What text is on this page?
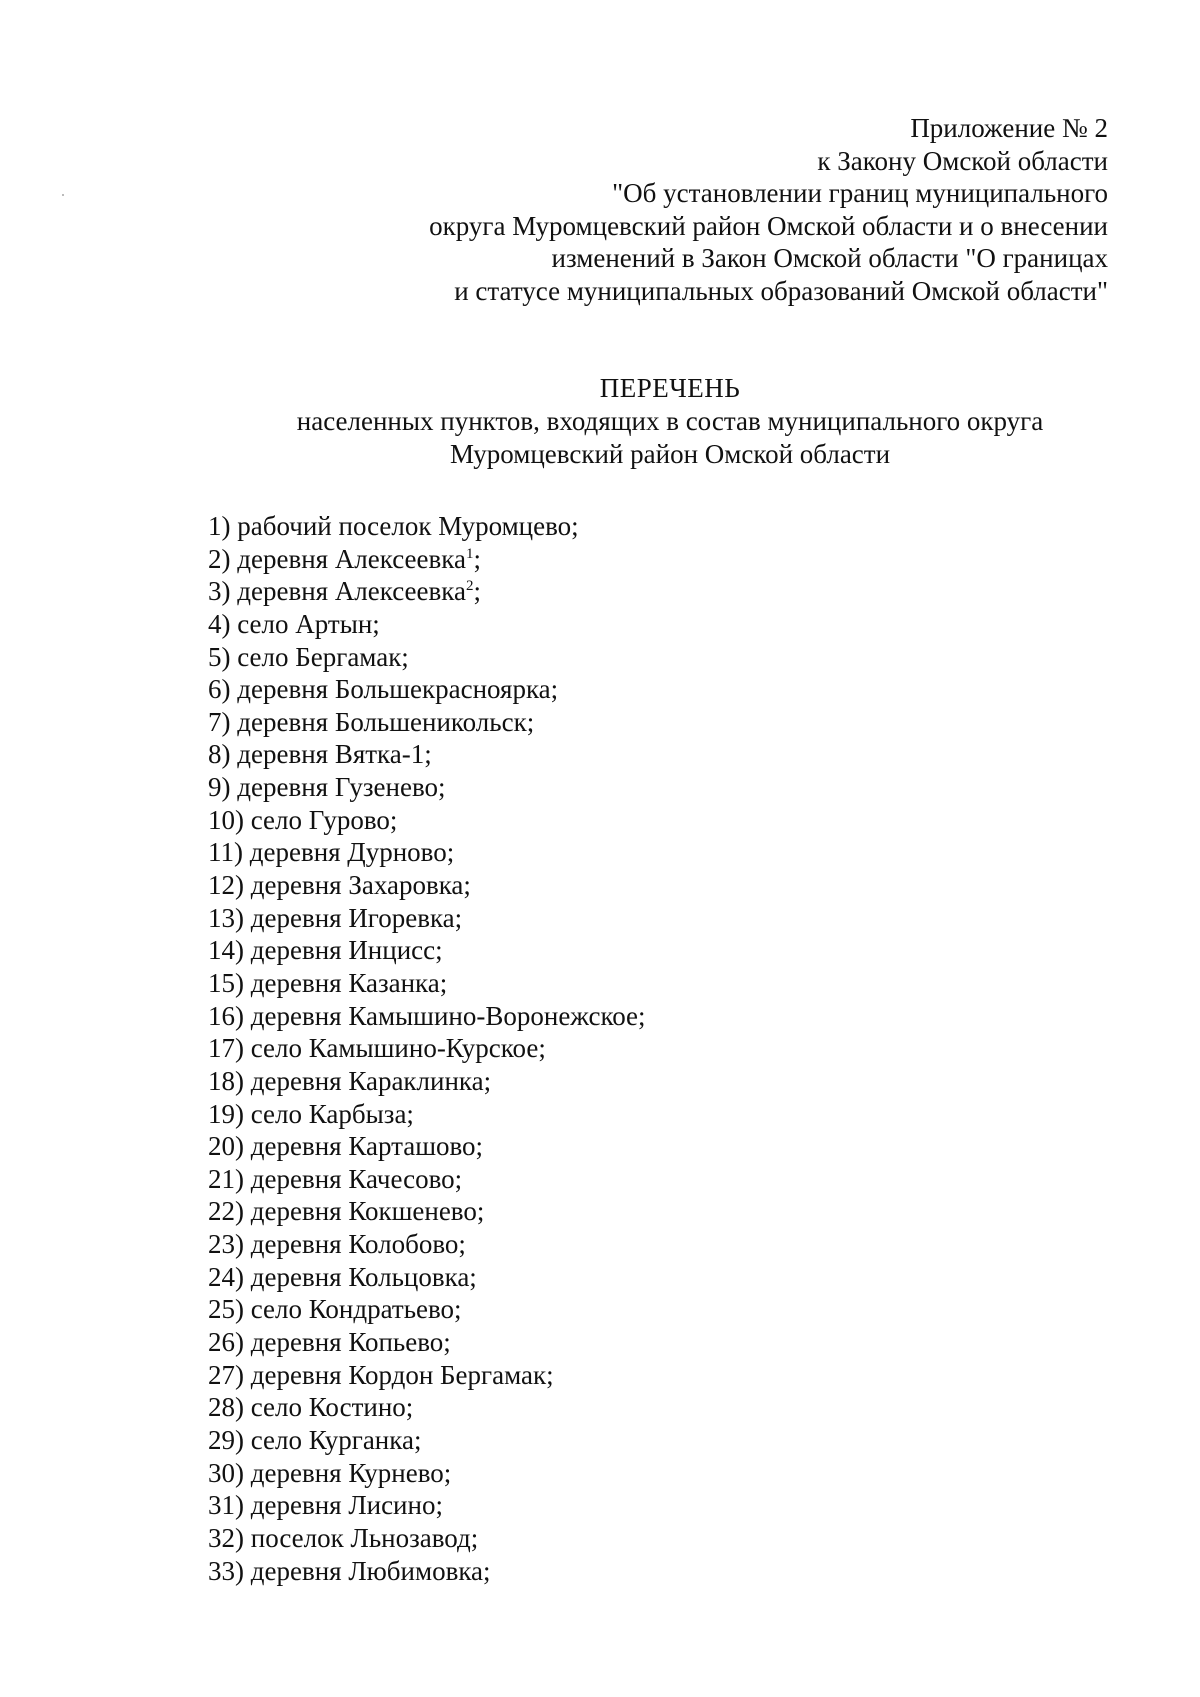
Приложение № 2
к Закону Омской области
"Об установлении границ муниципального
округа Муромцевский район Омской области и о внесении
изменений в Закон Омской области "О границах
и статусе муниципальных образований Омской области"
ПЕРЕЧЕНЬ
населенных пунктов, входящих в состав муниципального округа
Муромцевский район Омской области
1) рабочий поселок Муромцево;
2) деревня Алексеевка$^1$;
3) деревня Алексеевка$^2$;
4) село Артын;
5) село Бергамак;
6) деревня Большекрасноярка;
7) деревня Большеникольск;
8) деревня Вятка-1;
9) деревня Гузенево;
10) село Гурово;
11) деревня Дурново;
12) деревня Захаровка;
13) деревня Игоревка;
14) деревня Инцисс;
15) деревня Казанка;
16) деревня Камышино-Воронежское;
17) село Камышино-Курское;
18) деревня Караклинка;
19) село Карбыза;
20) деревня Карташово;
21) деревня Качесово;
22) деревня Кокшенево;
23) деревня Колобово;
24) деревня Кольцовка;
25) село Кондратьево;
26) деревня Копьево;
27) деревня Кордон Бергамак;
28) село Костино;
29) село Курганка;
30) деревня Курнево;
31) деревня Лисино;
32) поселок Льнозавод;
33) деревня Любимовка;
